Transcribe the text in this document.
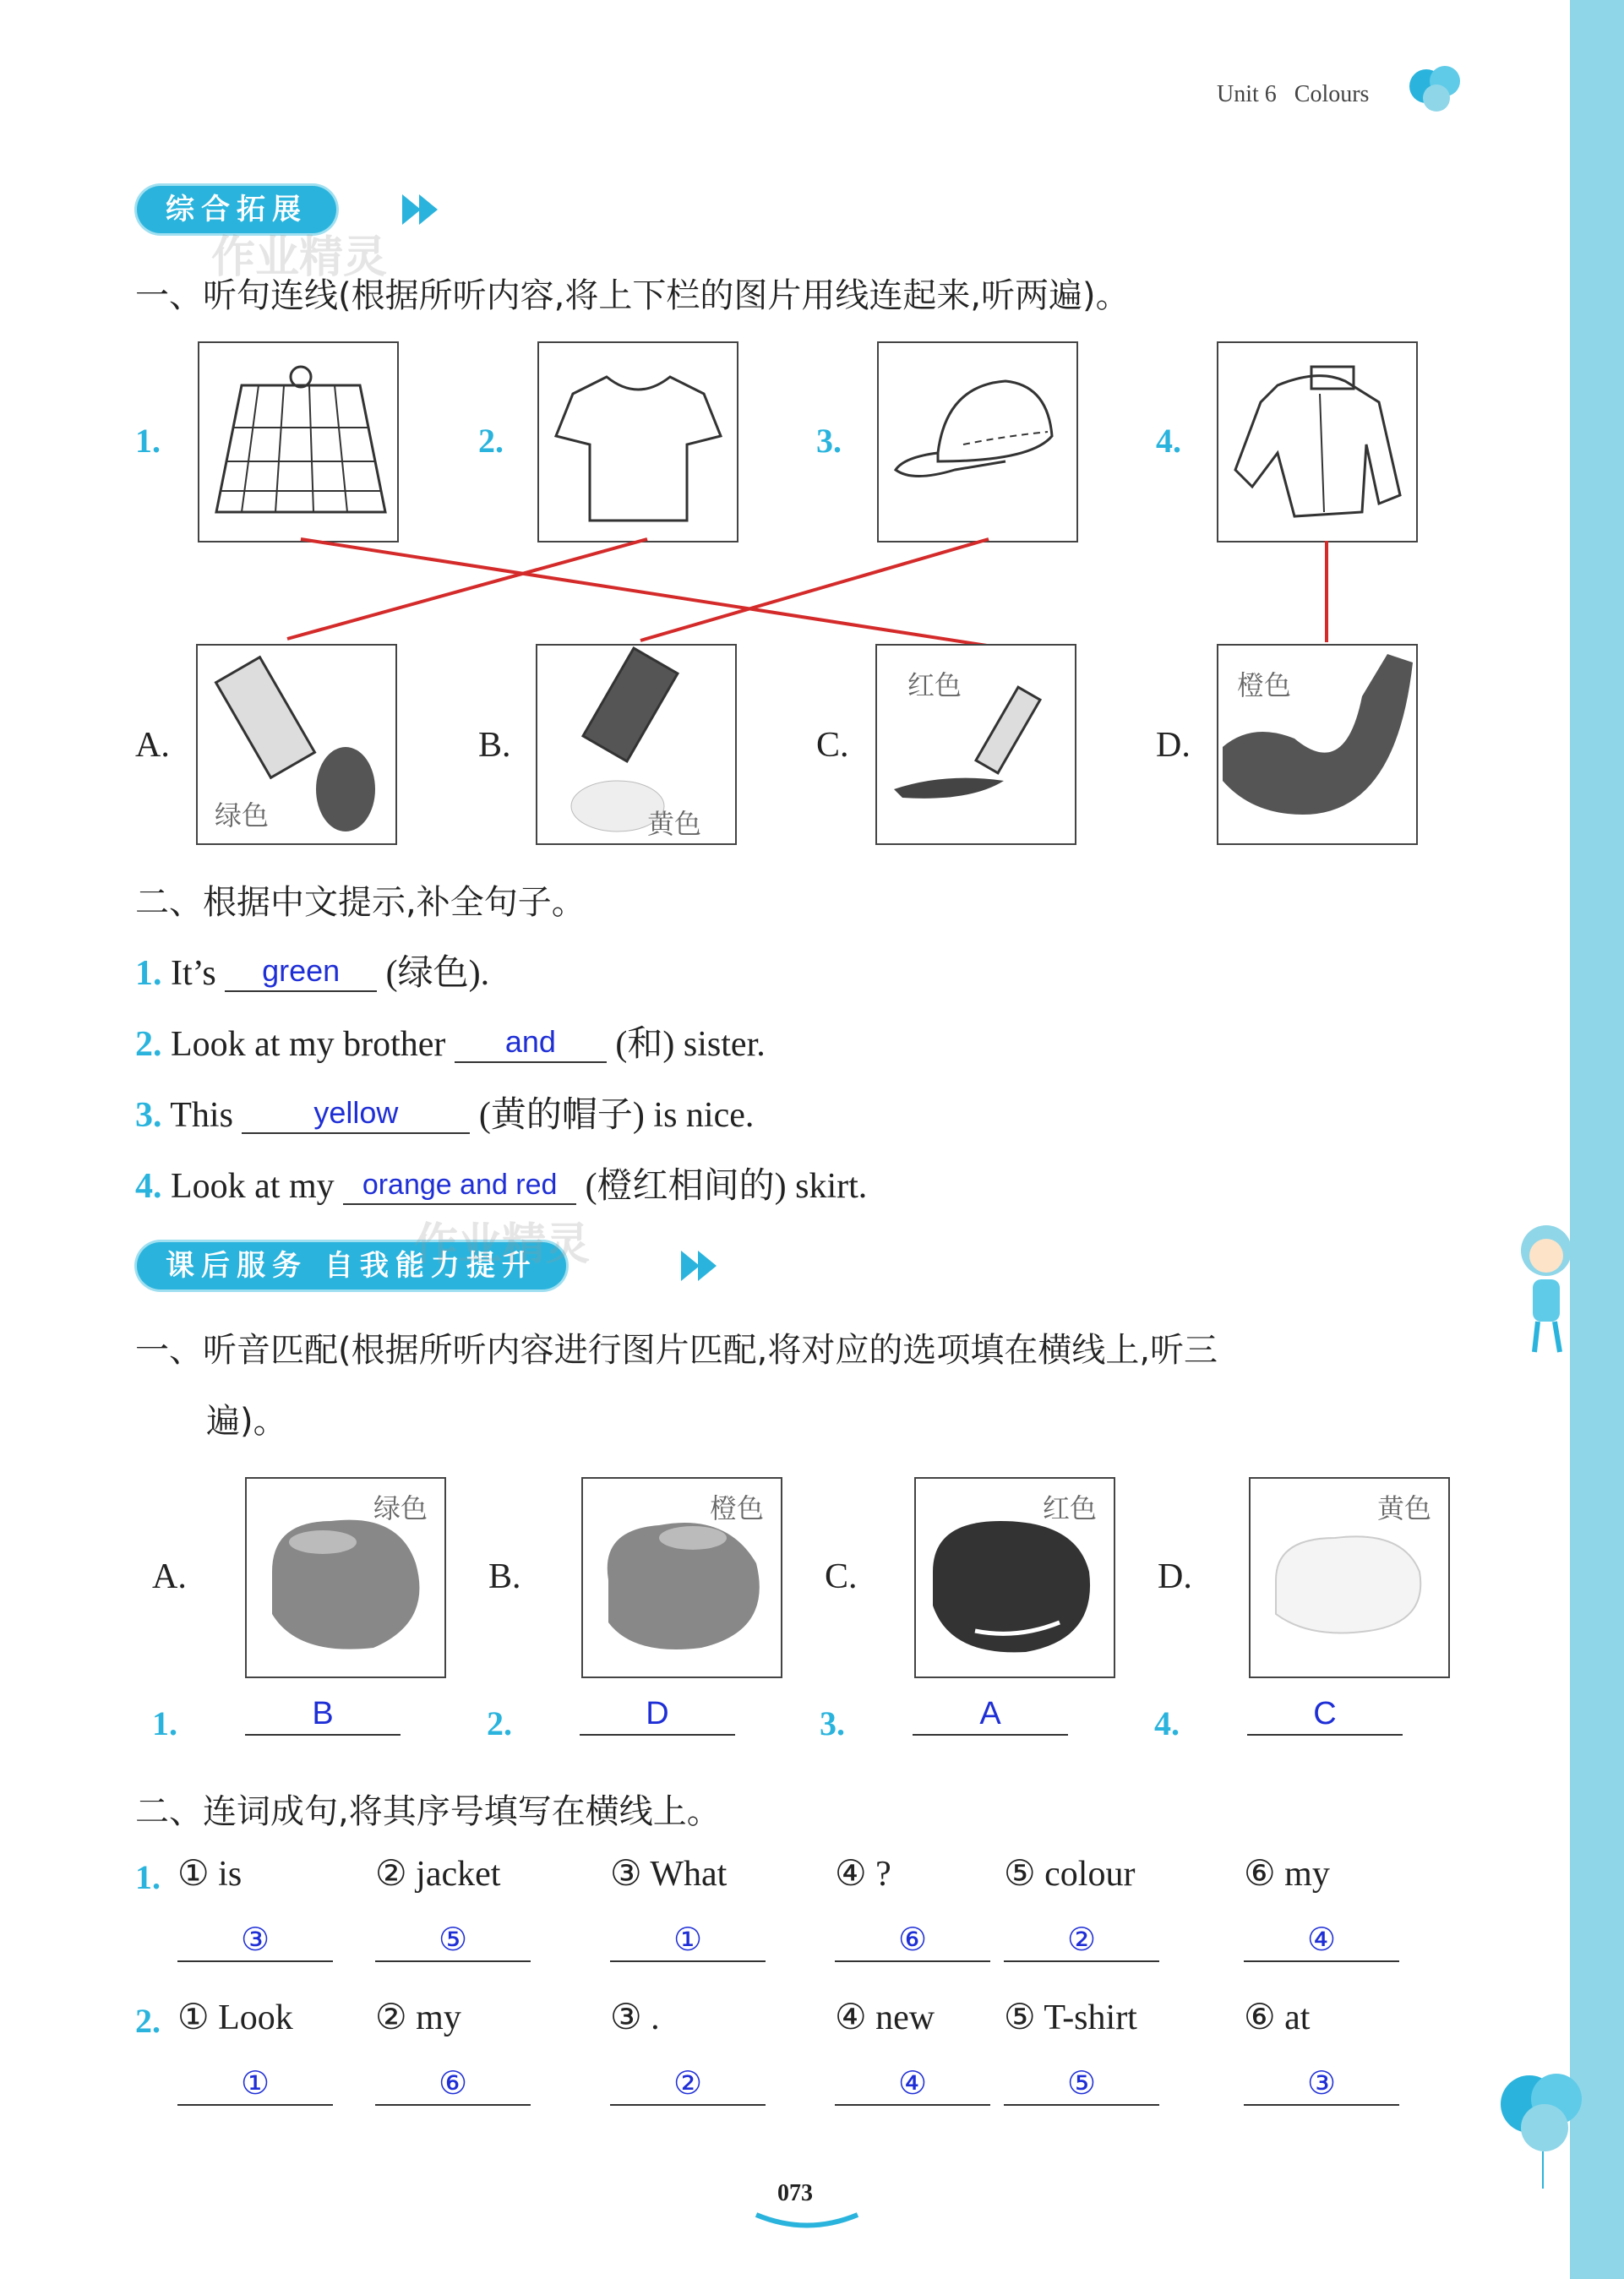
Unit 6 Colours
综合拓展
作业精灵
一、听句连线(根据所听内容,将上下栏的图片用线连起来,听两遍)。
1.	2.	3.	4.
A.
绿色
B.
黄色
C.
红色
D.
橙色
二、根据中文提示,补全句子。
1. It’s green (绿色).
2. Look at my brother and (和) sister.
3. This	yellow (黄的帽子) is nice.
4. Look at my orange and red (橙红相间的) skirt.
课后服务 自我能力提升
作业精灵
一、听音匹配(根据所听内容进行图片匹配,将对应的选项填在横线上,听三
遍)。
A.
绿色
B.
橙色
C.
红色
D.
黄色
1.	B	2.	D	3.	A	4.	C
二、连词成句,将其序号填写在横线上。
1. ① is	② jacket	③ What	④ ?	⑤ colour	⑥ my
③	⑤	①	⑥	②	④
2. ① Look ② my	③ .	④ new ⑤ T-shirt	⑥ at
①	⑥	②	④	⑤	③
073
